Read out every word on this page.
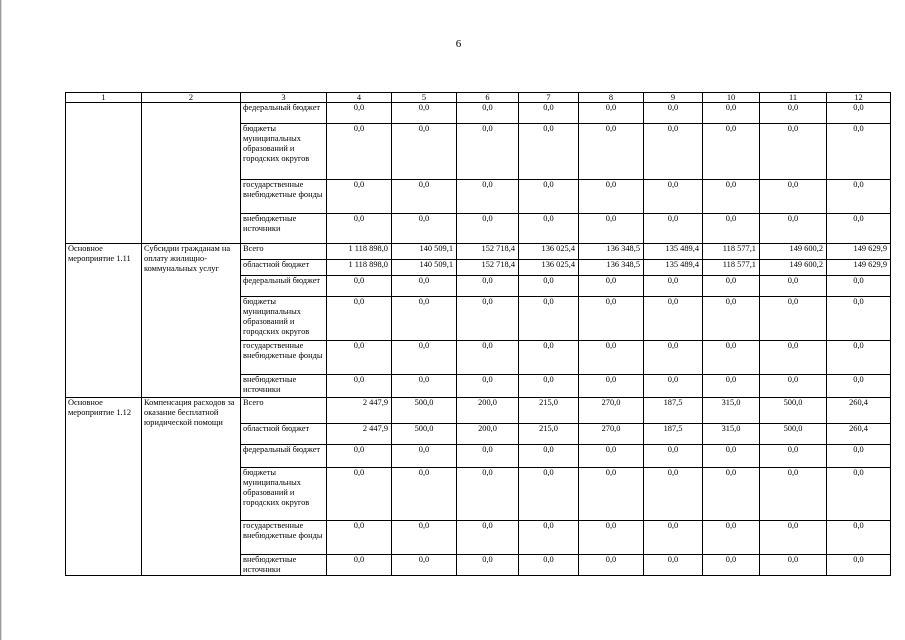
6
1	2	3	4	5	6	7	8	9	10	11	12
		федеральный бюджет	0,0	0,0	0,0	0,0	0,0	0,0	0,0	0,0	0,0
		бюджеты муниципальных образований и городских округов	0,0	0,0	0,0	0,0	0,0	0,0	0,0	0,0	0,0
		государственные внебюджетные фонды	0,0	0,0	0,0	0,0	0,0	0,0	0,0	0,0	0,0
		внебюджетные источники	0,0	0,0	0,0	0,0	0,0	0,0	0,0	0,0	0,0
Основное мероприятие 1.11	Субсидии гражданам на оплату жилищно-коммунальных услуг	Всего	1 118 898,0	140 509,1	152 718,4	136 025,4	136 348,5	135 489,4	118 577,1	149 600,2	149 629,9
		областной бюджет	1 118 898,0	140 509,1	152 718,4	136 025,4	136 348,5	135 489,4	118 577,1	149 600,2	149 629,9
		федеральный бюджет	0,0	0,0	0,0	0,0	0,0	0,0	0,0	0,0	0,0
		бюджеты муниципальных образований и городских округов	0,0	0,0	0,0	0,0	0,0	0,0	0,0	0,0	0,0
		государственные внебюджетные фонды	0,0	0,0	0,0	0,0	0,0	0,0	0,0	0,0	0,0
		внебюджетные источники	0,0	0,0	0,0	0,0	0,0	0,0	0,0	0,0	0,0
Основное мероприятие 1.12	Компенсация расходов за оказание бесплатной юридической помощи	Всего	2 447,9	500,0	200,0	215,0	270,0	187,5	315,0	500,0	260,4
		областной бюджет	2 447,9	500,0	200,0	215,0	270,0	187,5	315,0	500,0	260,4
		федеральный бюджет	0,0	0,0	0,0	0,0	0,0	0,0	0,0	0,0	0,0
		бюджеты муниципальных образований и городских округов	0,0	0,0	0,0	0,0	0,0	0,0	0,0	0,0	0,0
		государственные внебюджетные фонды	0,0	0,0	0,0	0,0	0,0	0,0	0,0	0,0	0,0
		внебюджетные источники	0,0	0,0	0,0	0,0	0,0	0,0	0,0	0,0	0,0
